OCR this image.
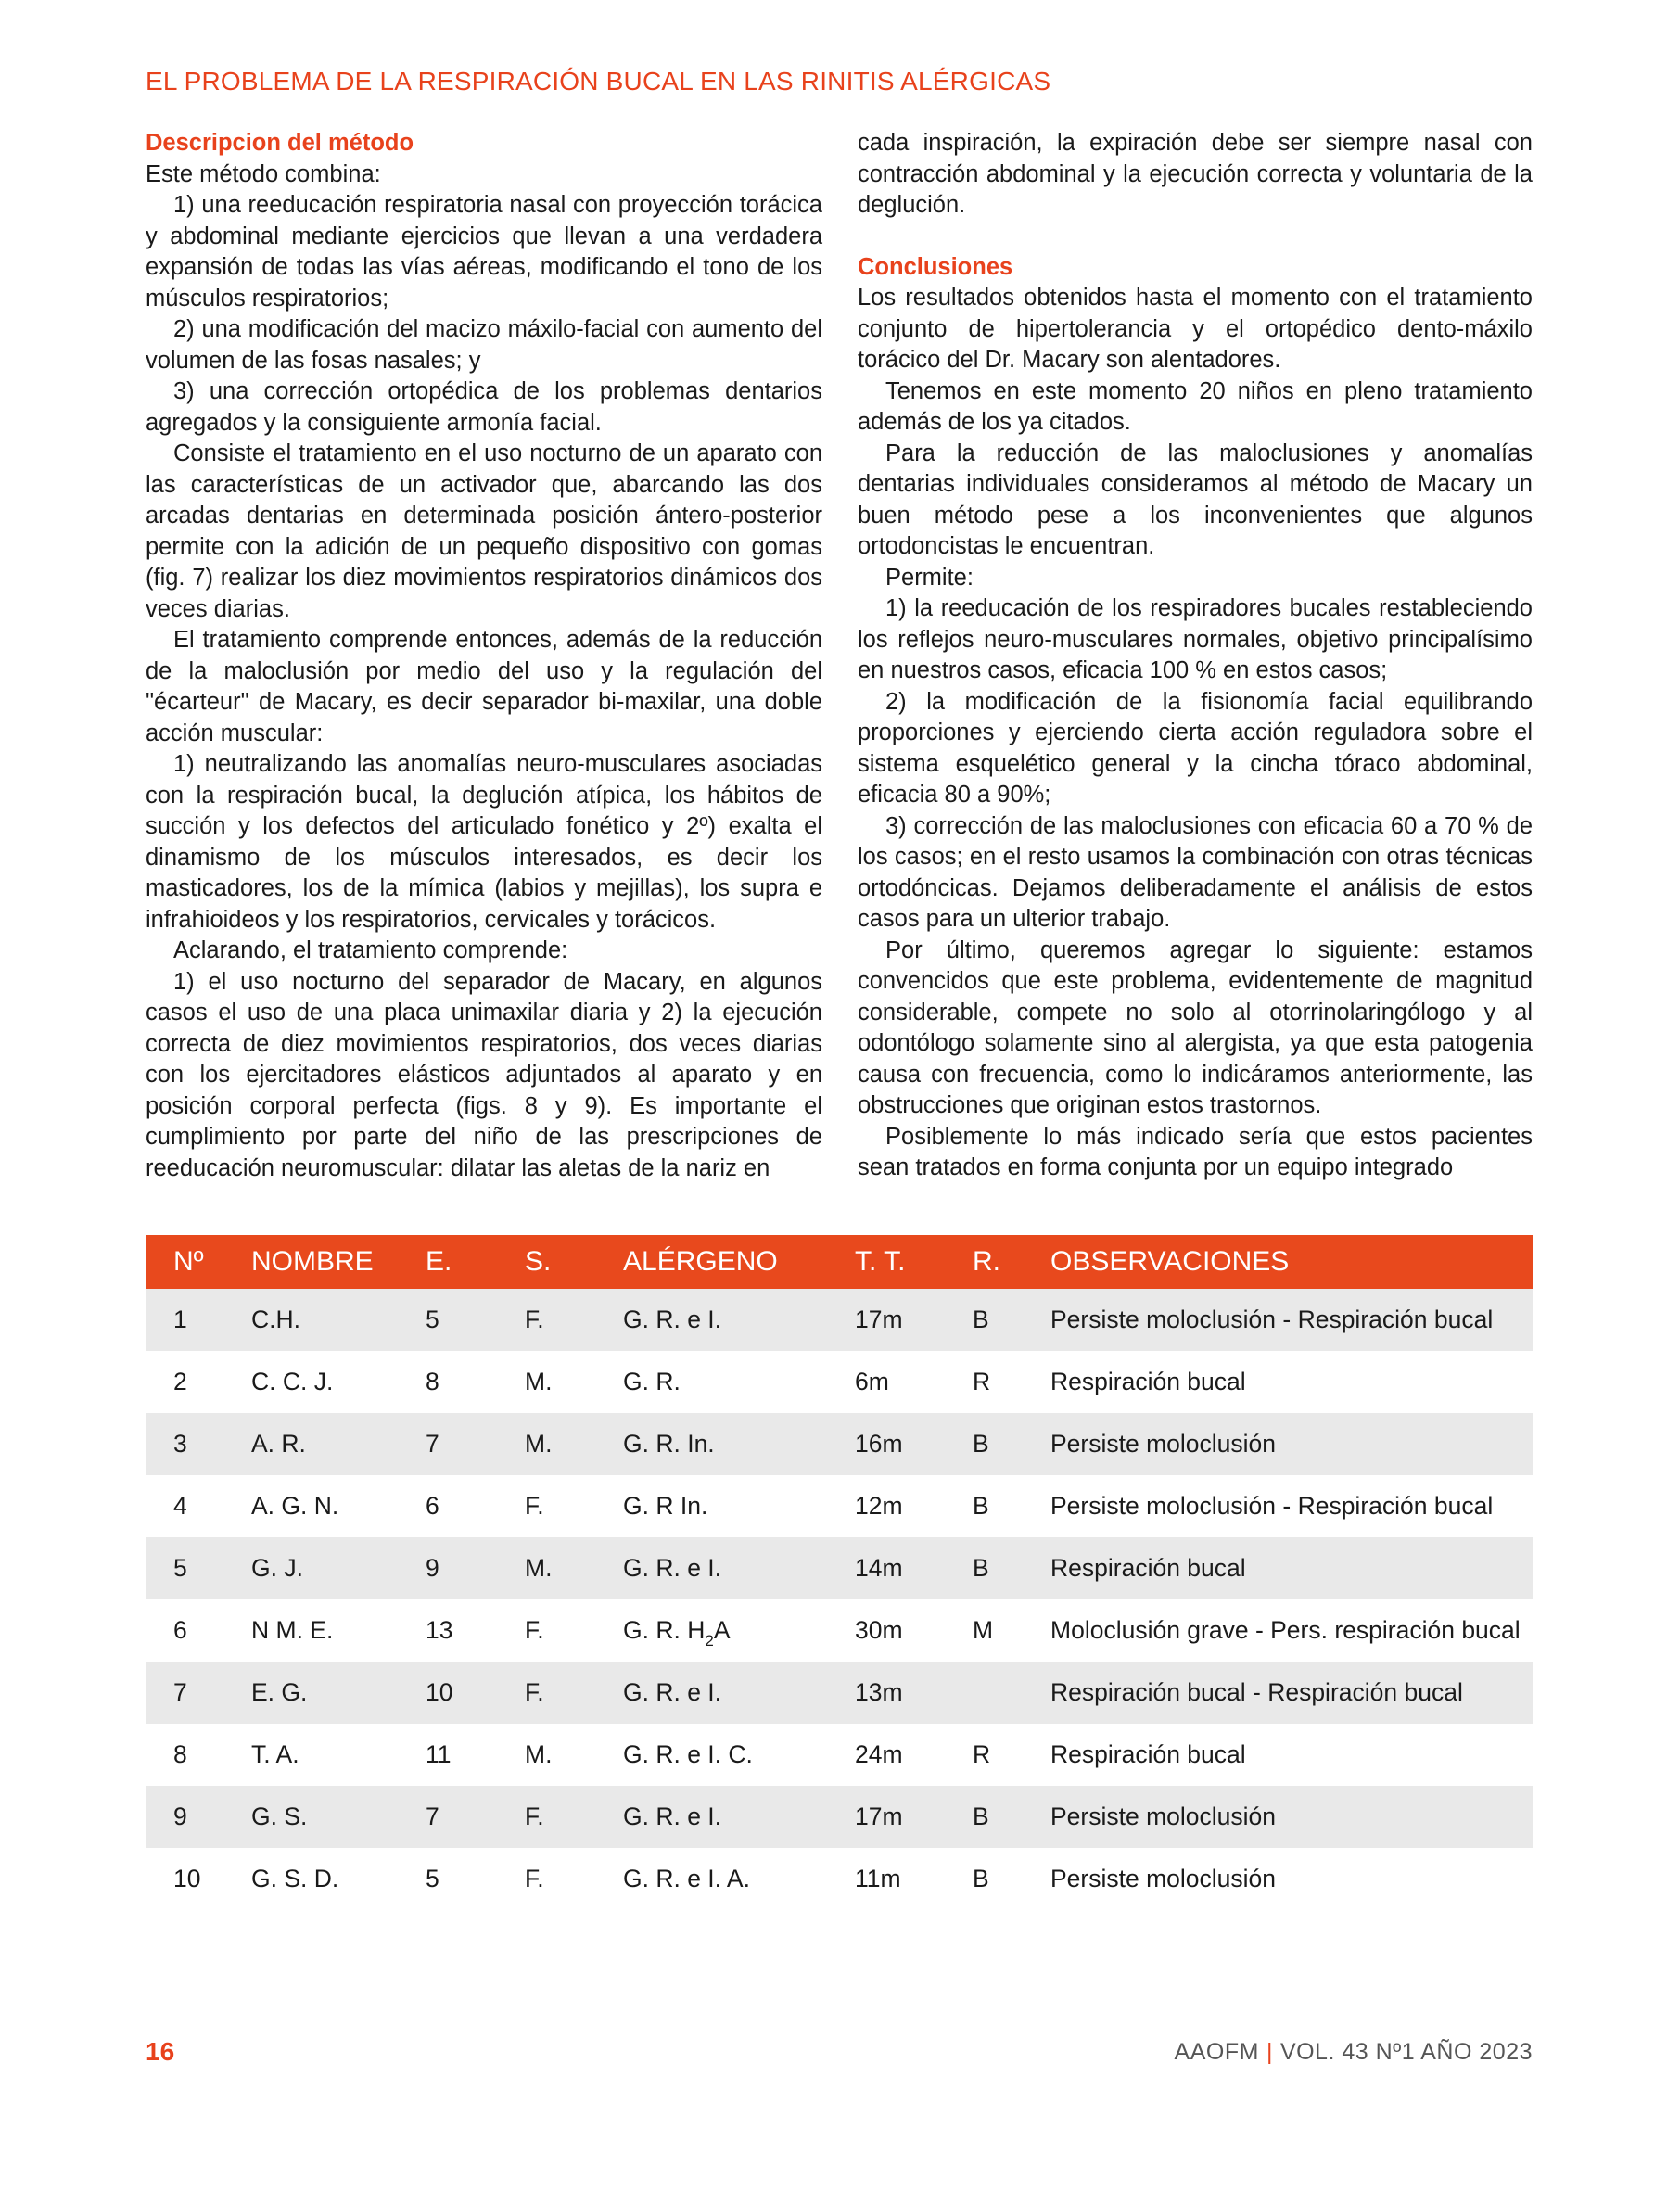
EL PROBLEMA DE LA RESPIRACIÓN BUCAL EN LAS RINITIS ALÉRGICAS
Descripcion del método

Este método combina:

1) una reeducación respiratoria nasal con proyección torácica y abdominal mediante ejercicios que llevan a una verdadera expansión de todas las vías aéreas, modificando el tono de los músculos respiratorios;

2) una modificación del macizo máxilo-facial con aumento del volumen de las fosas nasales; y

3) una corrección ortopédica de los problemas dentarios agregados y la consiguiente armonía facial.

Consiste el tratamiento en el uso nocturno de un aparato con las características de un activador que, abarcando las dos arcadas dentarias en determinada posición ántero-posterior permite con la adición de un pequeño dispositivo con gomas (fig. 7) realizar los diez movimientos respiratorios dinámicos dos veces diarias.

El tratamiento comprende entonces, además de la reducción de la maloclusión por medio del uso y la regulación del "écarteur" de Macary, es decir separador bi-maxilar, una doble acción muscular:

1) neutralizando las anomalías neuro-musculares asociadas con la respiración bucal, la deglución atípica, los hábitos de succión y los defectos del articulado fonético y 2º) exalta el dinamismo de los músculos interesados, es decir los masticadores, los de la mímica (labios y mejillas), los supra e infrahioideos y los respiratorios, cervicales y torácicos.

Aclarando, el tratamiento comprende:

1) el uso nocturno del separador de Macary, en algunos casos el uso de una placa unimaxilar diaria y 2) la ejecución correcta de diez movimientos respiratorios, dos veces diarias con los ejercitadores elásticos adjuntados al aparato y en posición corporal perfecta (figs. 8 y 9). Es importante el cumplimiento por parte del niño de las prescripciones de reeducación neuromuscular: dilatar las aletas de la nariz en

cada inspiración, la expiración debe ser siempre nasal con contracción abdominal y la ejecución correcta y voluntaria de la deglución.

Conclusiones

Los resultados obtenidos hasta el momento con el tratamiento conjunto de hipertolerancia y el ortopédico dento-máxilo torácico del Dr. Macary son alentadores.

Tenemos en este momento 20 niños en pleno tratamiento además de los ya citados.

Para la reducción de las maloclusiones y anomalías dentarias individuales consideramos al método de Macary un buen método pese a los inconvenientes que algunos ortodoncistas le encuentran.

Permite:

1) la reeducación de los respiradores bucales restableciendo los reflejos neuro-musculares normales, objetivo principalísimo en nuestros casos, eficacia 100 % en estos casos;

2) la modificación de la fisionomía facial equilibrando proporciones y ejerciendo cierta acción reguladora sobre el sistema esquelético general y la cincha tóraco abdominal, eficacia 80 a 90%;

3) corrección de las maloclusiones con eficacia 60 a 70 % de los casos; en el resto usamos la combinación con otras técnicas ortodóncicas. Dejamos deliberadamente el análisis de estos casos para un ulterior trabajo.

Por último, queremos agregar lo siguiente: estamos convencidos que este problema, evidentemente de magnitud considerable, compete no solo al otorrinolaringólogo y al odontólogo solamente sino al alergista, ya que esta patogenia causa con frecuencia, como lo indicáramos anteriormente, las obstrucciones que originan estos trastornos.

Posiblemente lo más indicado sería que estos pacientes sean tratados en forma conjunta por un equipo integrado

Nº	NOMBRE	E.	S.	ALÉRGENO	T. T.	R.	OBSERVACIONES
1	C.H.	5	F.	G. R. e I.	17m	B	Persiste moloclusión - Respiración bucal
2	C. C. J.	8	M.	G. R.	6m	R	Respiración bucal
3	A. R.	7	M.	G. R. In.	16m	B	Persiste moloclusión
4	A. G. N.	6	F.	G. R In.	12m	B	Persiste moloclusión - Respiración bucal
5	G. J.	9	M.	G. R. e I.	14m	B	Respiración bucal
6	N M. E.	13	F.	G. R. $H_2A$	30m	M	Moloclusión grave - Pers. respiración bucal
7	E. G.	10	F.	G. R. e I.	13m		Respiración bucal - Respiración bucal
8	T. A.	11	M.	G. R. e I. C.	24m	R	Respiración bucal
9	G. S.	7	F.	G. R. e I.	17m	B	Persiste moloclusión
10	G. S. D.	5	F.	G. R. e I. A.	11m	B	Persiste moloclusión
16	AAOFM | VOL. 43 Nº1 AÑO 2023
